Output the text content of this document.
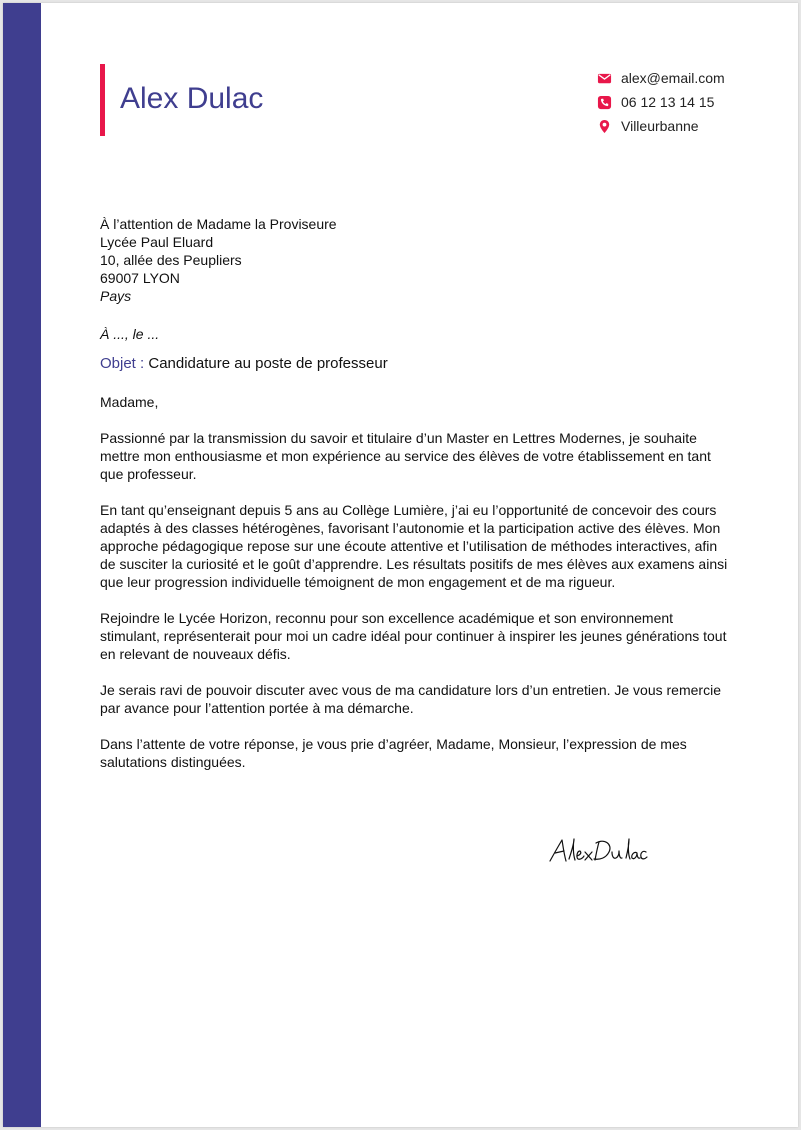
Alex Dulac
alex@email.com
06 12 13 14 15
Villeurbanne
À l’attention de Madame la Proviseure
Lycée Paul Eluard
10, allée des Peupliers
69007 LYON
Pays
À ..., le ...
Objet : Candidature au poste de professeur

Madame,

Passionné par la transmission du savoir et titulaire d’un Master en Lettres Modernes, je souhaite mettre mon enthousiasme et mon expérience au service des élèves de votre établissement en tant que professeur.

En tant qu’enseignant depuis 5 ans au Collège Lumière, j’ai eu l’opportunité de concevoir des cours adaptés à des classes hétérogènes, favorisant l’autonomie et la participation active des élèves. Mon approche pédagogique repose sur une écoute attentive et l’utilisation de méthodes interactives, afin de susciter la curiosité et le goût d’apprendre. Les résultats positifs de mes élèves aux examens ainsi que leur progression individuelle témoignent de mon engagement et de ma rigueur.

Rejoindre le Lycée Horizon, reconnu pour son excellence académique et son environnement stimulant, représenterait pour moi un cadre idéal pour continuer à inspirer les jeunes générations tout en relevant de nouveaux défis.

Je serais ravi de pouvoir discuter avec vous de ma candidature lors d’un entretien. Je vous remercie par avance pour l’attention portée à ma démarche.

Dans l’attente de votre réponse, je vous prie d’agréer, Madame, Monsieur, l’expression de mes salutations distinguées.
